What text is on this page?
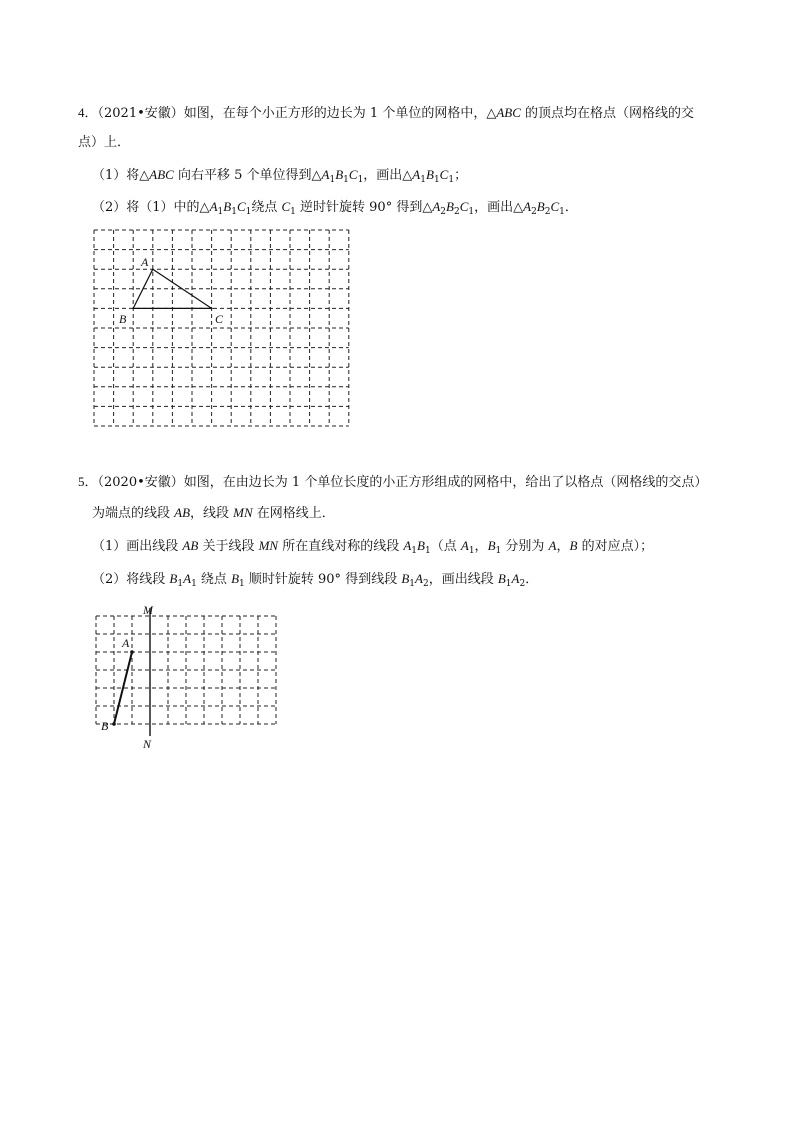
4．（2021•安徽）如图，在每个小正方形的边长为 1 个单位的网格中，△ABC 的顶点均在格点（网格线的交
点）上．
（1）将△ABC 向右平移 5 个单位得到$\triangle A_1B_1C_1$，画出$\triangle A_1B_1C_1$；
（2）将（1）中的$\triangle A_1B_1C_1$绕点 $C_1$ 逆时针旋转 90° 得到$\triangle A_2B_2C_1$，画出$\triangle A_2B_2C_1$．
A
B	C
5．（2020•安徽）如图，在由边长为 1 个单位长度的小正方形组成的网格中，给出了以格点（网格线的交点）
为端点的线段 AB，线段 MN 在网格线上．
（1）画出线段 AB 关于线段 MN 所在直线对称的线段 $A_1B_1$（点 $A_1$，$B_1$ 分别为 A，B 的对应点）；
（2）将线段 $B_1A_1$ 绕点 $B_1$ 顺时针旋转 90° 得到线段 $B_1A_2$，画出线段 $B_1A_2$．
M
N
A
B
